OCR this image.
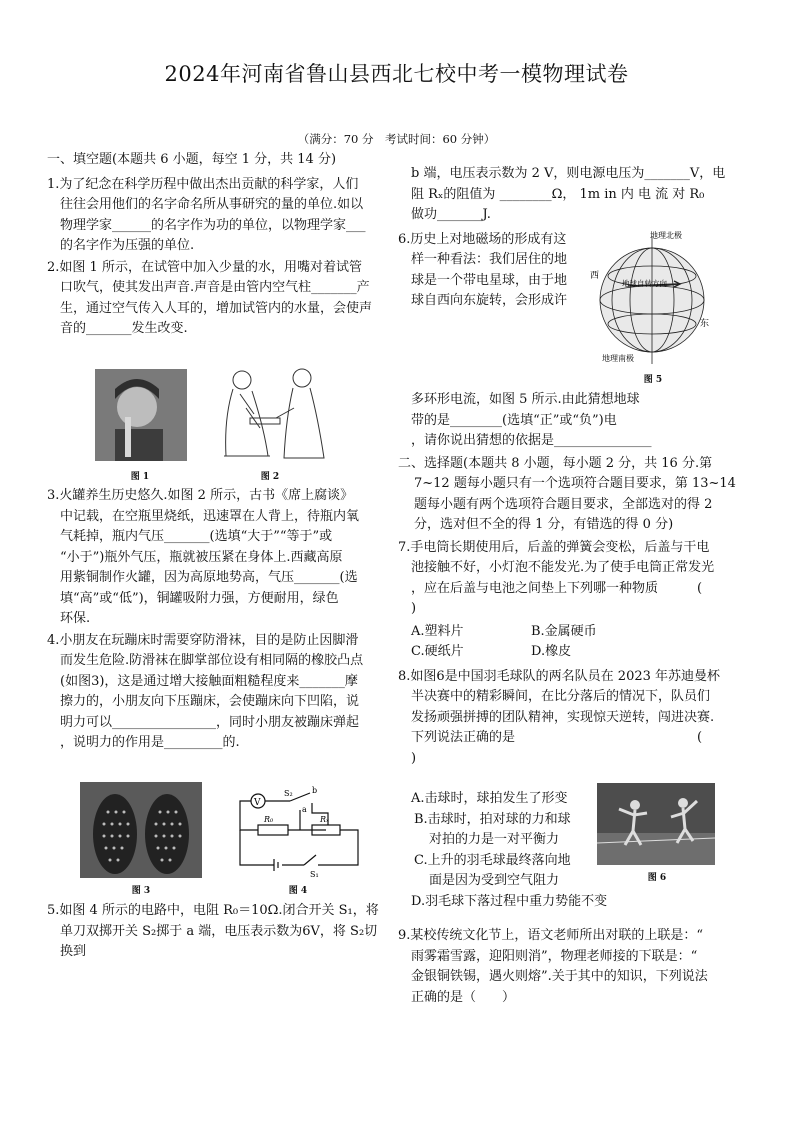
2024年河南省鲁山县西北七校中考一模物理试卷
（满分：70 分　考试时间：60 分钟）

一、填空题(本题共 6 小题，每空 1 分，共 14 分)

1.为了纪念在科学历程中做出杰出贡献的科学家，人们

往往会用他们的名字命名所从事研究的量的单位.如以

物理学家______的名字作为功的单位，以物理学家___

的名字作为压强的单位.

2.如图 1 所示，在试管中加入少量的水，用嘴对着试管

口吹气，使其发出声音.声音是由管内空气柱_______产

生，通过空气传入人耳的，增加试管内的水量，会使声

音的_______发生改变.

图 1	图 2

3.火罐养生历史悠久.如图 2 所示，古书《席上腐谈》

中记载，在空瓶里烧纸，迅速罩在人背上，待瓶内氧

气耗掉，瓶内气压_______(选填“大于”“等于”或

“小于”)瓶外气压，瓶就被压紧在身体上.西藏高原

用紫铜制作火罐，因为高原地势高，气压_______(选

填“高”或“低”)，铜罐吸附力强，方便耐用，绿色

环保.

4.小朋友在玩蹦床时需要穿防滑袜，目的是防止因脚滑

而发生危险.防滑袜在脚掌部位设有相同隔的橡胶凸点

(如图3)，这是通过增大接触面粗糙程度来_______摩

擦力的，小朋友向下压蹦床，会使蹦床向下凹陷，说

明力可以________________，同时小朋友被蹦床弹起

，说明力的作用是_________的.

图 3
V
S₂ b
a
R₀	Rₓ
S₁
图 4

5.如图 4 所示的电路中，电阻 R₀＝10Ω.闭合开关 S₁，将

单刀双掷开关 S₂掷于 a 端，电压表示数为6V，将 S₂切

换到

b 端，电压表示数为 2 V，则电源电压为_______V，电

阻 Rₓ的阻值为 ________Ω， 1m in 内 电 流 对 R₀

做功_______J.

6.历史上对地磁场的形成有这

样一种看法：我们居住的地

球是一个带电星球，由于地

球自西向东旋转，会形成许

地理北极
地理南极
西
东
地球自转方向
图 5

多环形电流，如图 5 所示.由此猜想地球

带的是________(选填“正”或“负”)电

，请你说出猜想的依据是_______________

二、选择题(本题共 8 小题，每小题 2 分，共 16 分.第

7~12 题每小题只有一个选项符合题目要求，第 13~14

题每小题有两个选项符合题目要求，全部选对的得 2

分，选对但不全的得 1 分，有错选的得 0 分)

7.手电筒长期使用后，后盖的弹簧会变松，后盖与干电

池接触不好，小灯泡不能发光.为了使手电筒正常发光

，应在后盖与电池之间垫上下列哪一种物质　　　(

)

A.塑料片	B.金属硬币
C.硬纸片	D.橡皮

8.如图6是中国羽毛球队的两名队员在 2023 年苏迪曼杯

半决赛中的精彩瞬间，在比分落后的情况下，队员们

发扬顽强拼搏的团队精神，实现惊天逆转，闯进决赛.

下列说法正确的是　　　　　　　　　　　　　　(

)

A.击球时，球拍发生了形变

B.击球时，拍对球的力和球

对拍的力是一对平衡力

C.上升的羽毛球最终落向地

面是因为受到空气阻力

D.羽毛球下落过程中重力势能不变

图 6

9.某校传统文化节上，语文老师所出对联的上联是：“

雨雾霜雪露，迎阳则消”，物理老师接的下联是：“

金银铜铁锡，遇火则熔”.关于其中的知识，下列说法

正确的是（　　）
